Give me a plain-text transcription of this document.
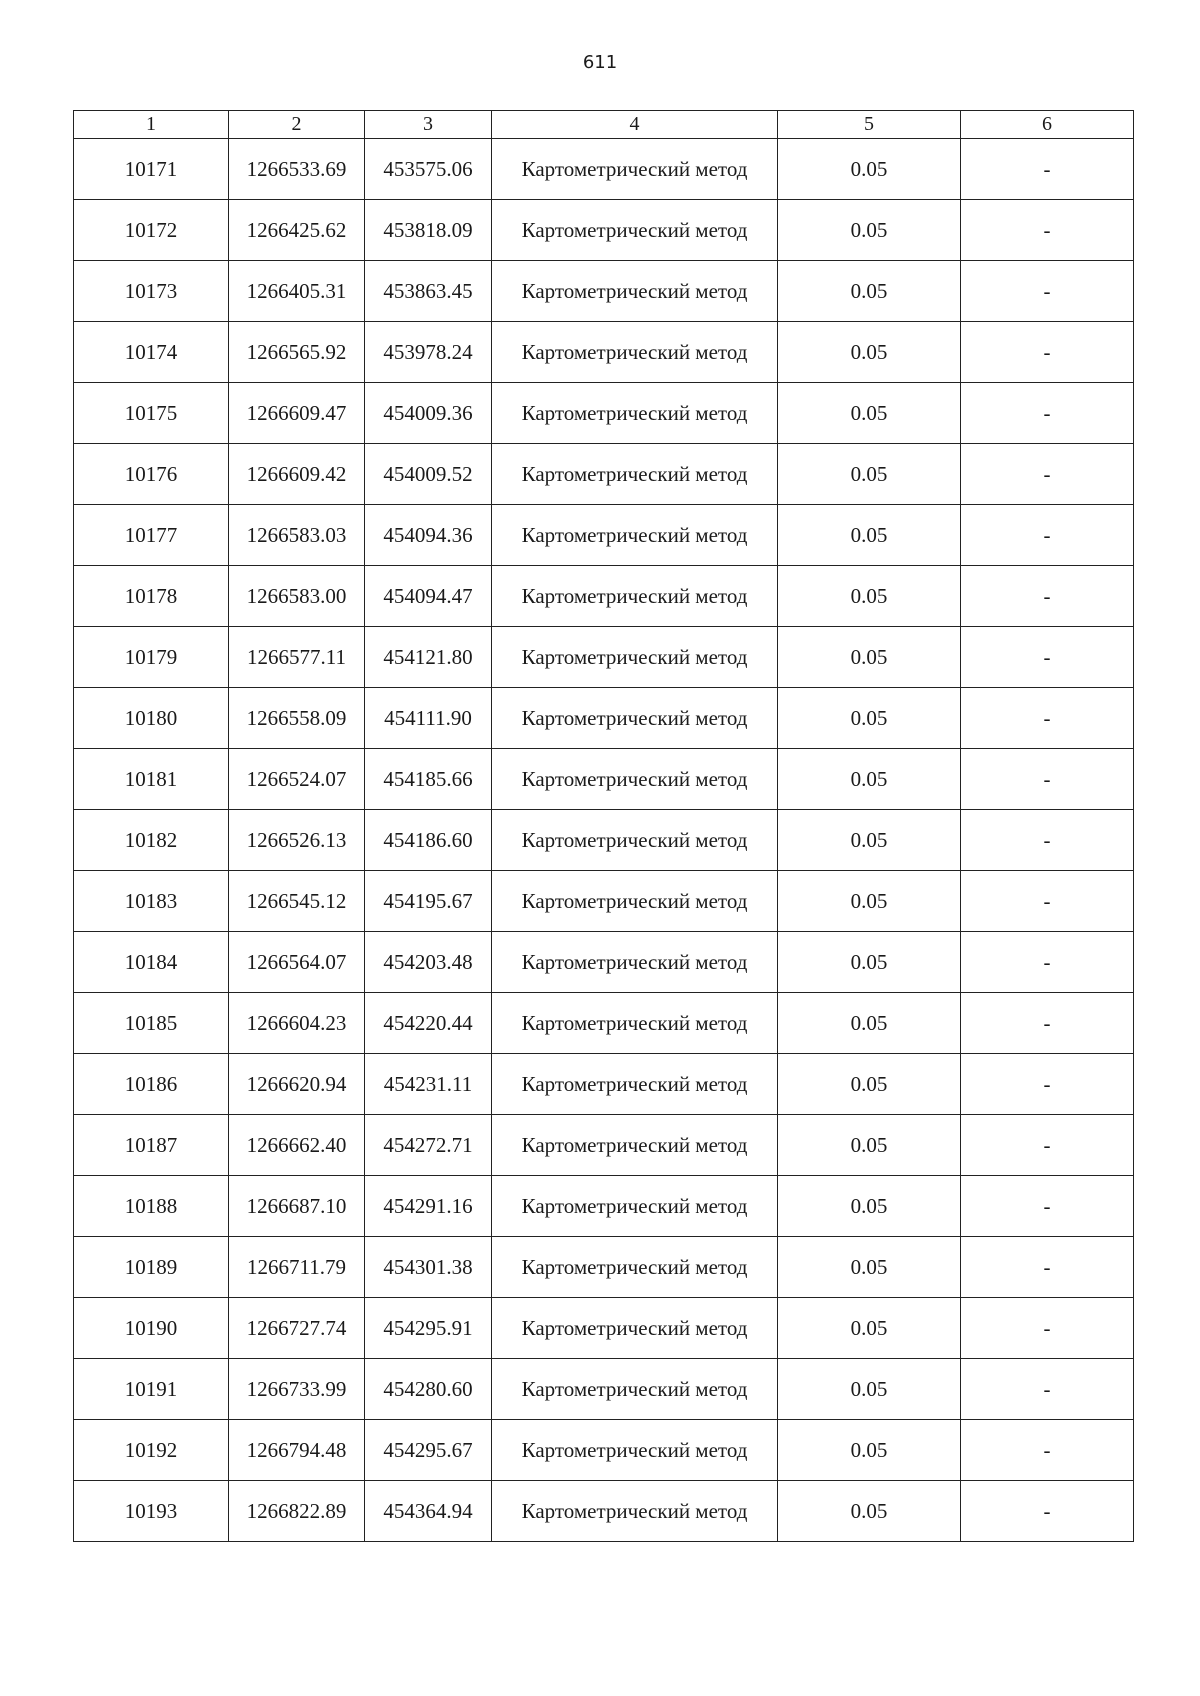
611
1	2	3	4	5	6
10171	1266533.69	453575.06	Картометрический метод	0.05	-
10172	1266425.62	453818.09	Картометрический метод	0.05	-
10173	1266405.31	453863.45	Картометрический метод	0.05	-
10174	1266565.92	453978.24	Картометрический метод	0.05	-
10175	1266609.47	454009.36	Картометрический метод	0.05	-
10176	1266609.42	454009.52	Картометрический метод	0.05	-
10177	1266583.03	454094.36	Картометрический метод	0.05	-
10178	1266583.00	454094.47	Картометрический метод	0.05	-
10179	1266577.11	454121.80	Картометрический метод	0.05	-
10180	1266558.09	454111.90	Картометрический метод	0.05	-
10181	1266524.07	454185.66	Картометрический метод	0.05	-
10182	1266526.13	454186.60	Картометрический метод	0.05	-
10183	1266545.12	454195.67	Картометрический метод	0.05	-
10184	1266564.07	454203.48	Картометрический метод	0.05	-
10185	1266604.23	454220.44	Картометрический метод	0.05	-
10186	1266620.94	454231.11	Картометрический метод	0.05	-
10187	1266662.40	454272.71	Картометрический метод	0.05	-
10188	1266687.10	454291.16	Картометрический метод	0.05	-
10189	1266711.79	454301.38	Картометрический метод	0.05	-
10190	1266727.74	454295.91	Картометрический метод	0.05	-
10191	1266733.99	454280.60	Картометрический метод	0.05	-
10192	1266794.48	454295.67	Картометрический метод	0.05	-
10193	1266822.89	454364.94	Картометрический метод	0.05	-
